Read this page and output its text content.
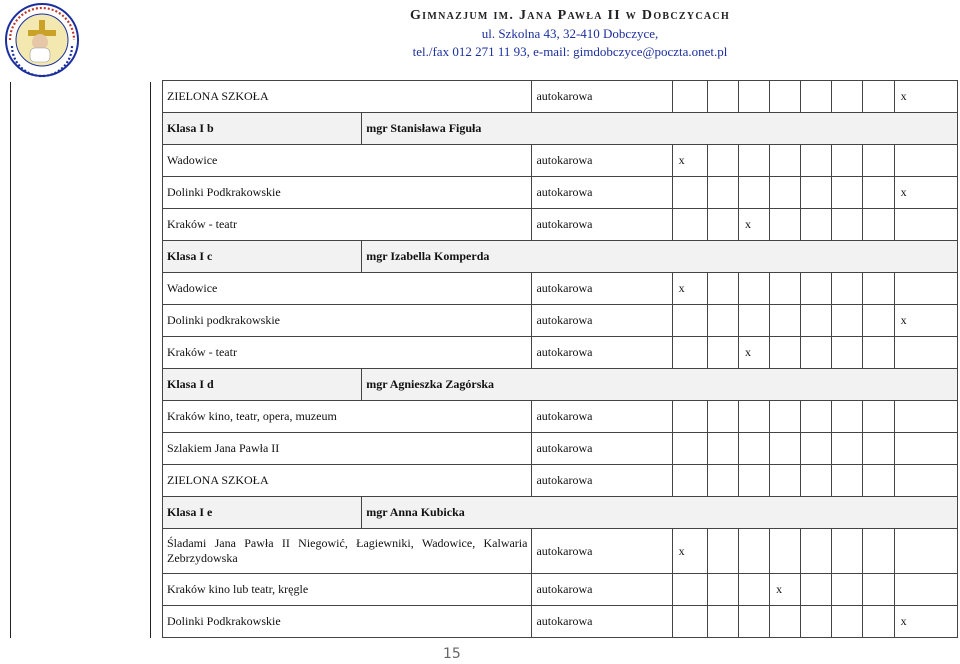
Gimnazjum im. Jana Pawła II w Dobczycach
ul. Szkolna 43, 32-410 Dobczyce,
tel./fax 012 271 11 93, e-mail: gimdobczyce@poczta.onet.pl
ZIELONA SZKOŁA		autokarowa								x
Klasa I b	mgr Stanisława Figuła									
Wadowice		autokarowa	x							
Dolinki Podkrakowskie		autokarowa								x
Kraków - teatr		autokarowa			x					
Klasa I c	mgr Izabella Komperda									
Wadowice		autokarowa	x							
Dolinki podkrakowskie		autokarowa								x
Kraków - teatr		autokarowa			x					
Klasa I d	mgr Agnieszka Zagórska									
Kraków kino, teatr, opera, muzeum		autokarowa								
Szlakiem Jana Pawła II		autokarowa								
ZIELONA SZKOŁA		autokarowa								
Klasa I e	mgr Anna Kubicka									
Śladami Jana Pawła II Niegowić, Łagiewniki, Wadowice, Kalwaria Zebrzydowska		autokarowa	x							
Kraków kino lub teatr, kręgle		autokarowa				x				
Dolinki Podkrakowskie		autokarowa								x
15
